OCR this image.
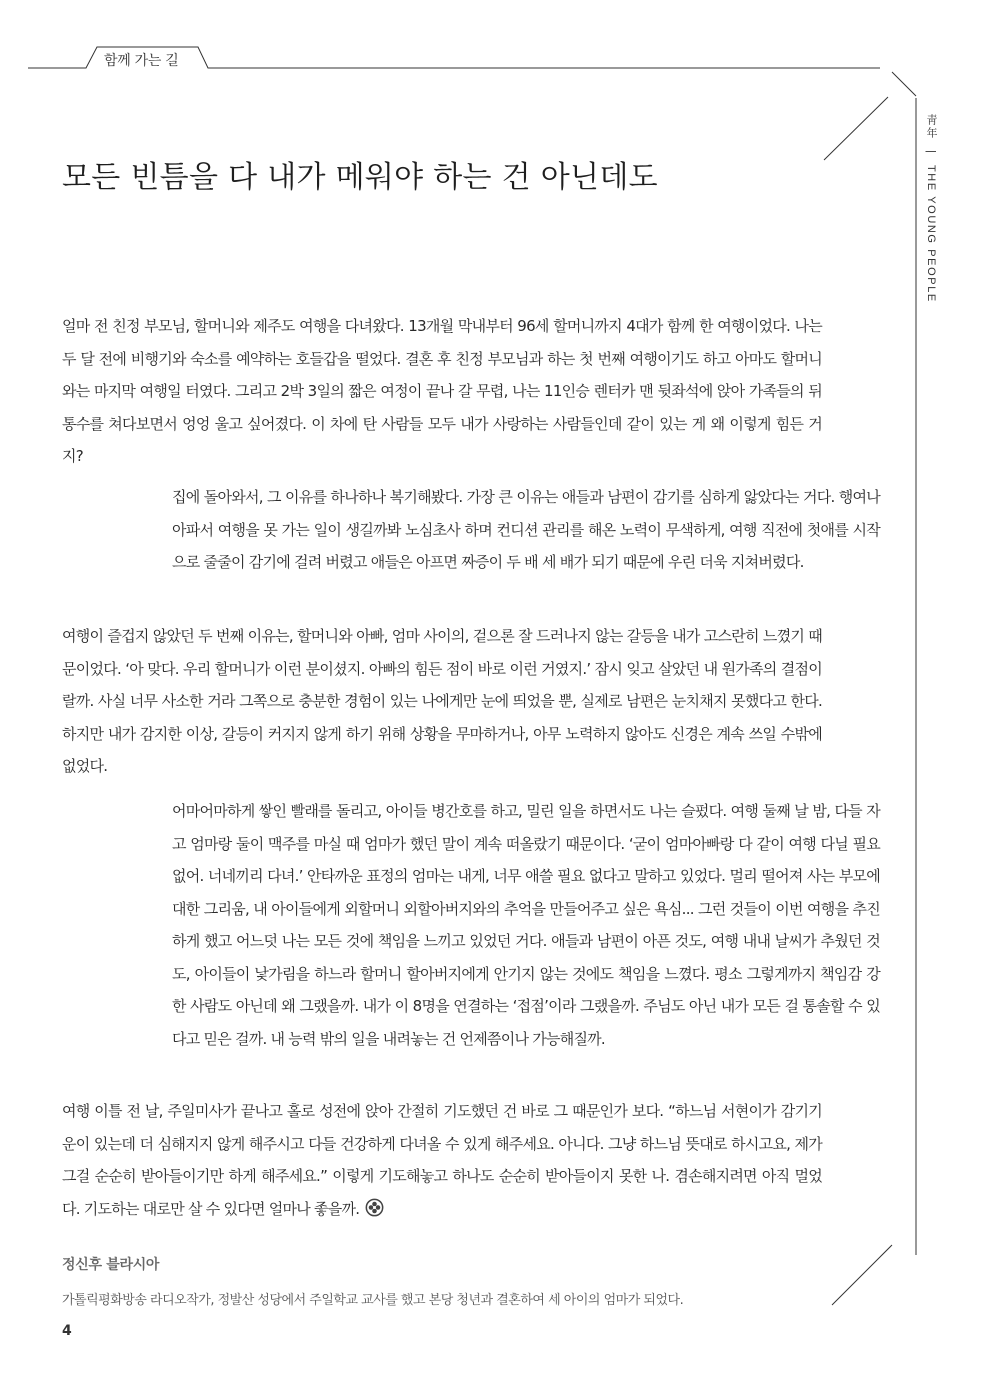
함께 가는 길
靑年 | THE YOUNG PEOPLE
모든 빈틈을 다 내가 메워야 하는 건 아닌데도

얼마 전 친정 부모님, 할머니와 제주도 여행을 다녀왔다. 13개월 막내부터 96세 할머니까지 4대가 함께 한 여행이었다. 나는 두 달 전에 비행기와 숙소를 예약하는 호들갑을 떨었다. 결혼 후 친정 부모님과 하는 첫 번째 여행이기도 하고 아마도 할머니와는 마지막 여행일 터였다. 그리고 2박 3일의 짧은 여정이 끝나 갈 무렵, 나는 11인승 렌터카 맨 뒷좌석에 앉아 가족들의 뒤통수를 쳐다보면서 엉엉 울고 싶어졌다. 이 차에 탄 사람들 모두 내가 사랑하는 사람들인데 같이 있는 게 왜 이렇게 힘든 거지?

집에 돌아와서, 그 이유를 하나하나 복기해봤다. 가장 큰 이유는 애들과 남편이 감기를 심하게 앓았다는 거다. 행여나 아파서 여행을 못 가는 일이 생길까봐 노심초사 하며 컨디션 관리를 해온 노력이 무색하게, 여행 직전에 첫애를 시작으로 줄줄이 감기에 걸려 버렸고 애들은 아프면 짜증이 두 배 세 배가 되기 때문에 우린 더욱 지쳐버렸다.

여행이 즐겁지 않았던 두 번째 이유는, 할머니와 아빠, 엄마 사이의, 겉으론 잘 드러나지 않는 갈등을 내가 고스란히 느꼈기 때문이었다. ‘아 맞다. 우리 할머니가 이런 분이셨지. 아빠의 힘든 점이 바로 이런 거였지.’ 잠시 잊고 살았던 내 원가족의 결점이랄까. 사실 너무 사소한 거라 그쪽으로 충분한 경험이 있는 나에게만 눈에 띄었을 뿐, 실제로 남편은 눈치채지 못했다고 한다. 하지만 내가 감지한 이상, 갈등이 커지지 않게 하기 위해 상황을 무마하거나, 아무 노력하지 않아도 신경은 계속 쓰일 수밖에 없었다.

어마어마하게 쌓인 빨래를 돌리고, 아이들 병간호를 하고, 밀린 일을 하면서도 나는 슬펐다. 여행 둘째 날 밤, 다들 자고 엄마랑 둘이 맥주를 마실 때 엄마가 했던 말이 계속 떠올랐기 때문이다. ‘굳이 엄마아빠랑 다 같이 여행 다닐 필요 없어. 너네끼리 다녀.’ 안타까운 표정의 엄마는 내게, 너무 애쓸 필요 없다고 말하고 있었다. 멀리 떨어져 사는 부모에 대한 그리움, 내 아이들에게 외할머니 외할아버지와의 추억을 만들어주고 싶은 욕심... 그런 것들이 이번 여행을 추진하게 했고 어느덧 나는 모든 것에 책임을 느끼고 있었던 거다. 애들과 남편이 아픈 것도, 여행 내내 날씨가 추웠던 것도, 아이들이 낯가림을 하느라 할머니 할아버지에게 안기지 않는 것에도 책임을 느꼈다. 평소 그렇게까지 책임감 강한 사람도 아닌데 왜 그랬을까. 내가 이 8명을 연결하는 ‘접점’이라 그랬을까. 주님도 아닌 내가 모든 걸 통솔할 수 있다고 믿은 걸까. 내 능력 밖의 일을 내려놓는 건 언제쯤이나 가능해질까.

여행 이틀 전 날, 주일미사가 끝나고 홀로 성전에 앉아 간절히 기도했던 건 바로 그 때문인가 보다. “하느님 서현이가 감기기운이 있는데 더 심해지지 않게 해주시고 다들 건강하게 다녀올 수 있게 해주세요. 아니다. 그냥 하느님 뜻대로 하시고요, 제가 그걸 순순히 받아들이기만 하게 해주세요.” 이렇게 기도해놓고 하나도 순순히 받아들이지 못한 나. 겸손해지려면 아직 멀었다. 기도하는 대로만 살 수 있다면 얼마나 좋을까.

정신후 블라시아
가톨릭평화방송 라디오작가, 정발산 성당에서 주일학교 교사를 했고 본당 청년과 결혼하여 세 아이의 엄마가 되었다.
4
